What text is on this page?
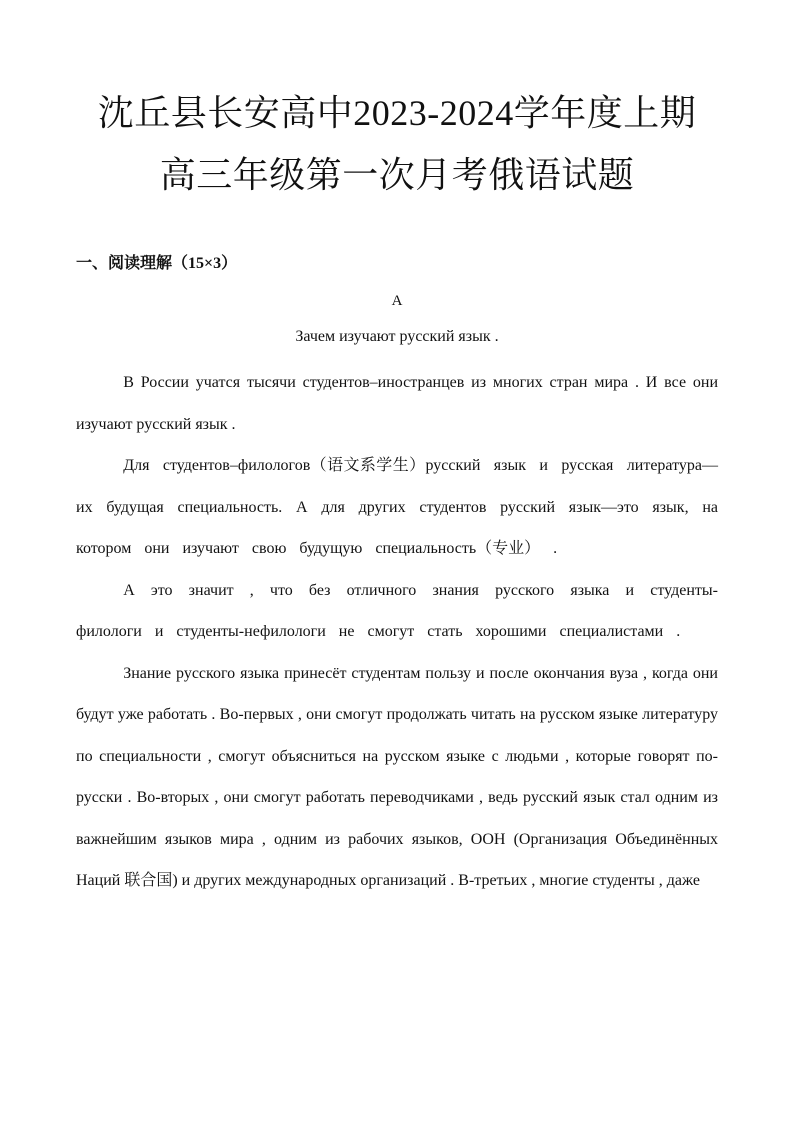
沈丘县长安高中2023-2024学年度上期
高三年级第一次月考俄语试题
一、阅读理解（15×3）
А
Зачем изучают русский язык .

В России учатся тысячи студентов–иностранцев из многих стран мира . И все они изучают русский язык .

Для студентов–филологов（语文系学生）русский язык и русская литература—их будущая специальность. А для других студентов русский язык—это язык, на котором они изучают свою будущую специальность（专业） .

А это значит , что без отличного знания русского языка и студенты-филологи и студенты-нефилологи не смогут стать хорошими специалистами .

Знание русского языка принесёт студентам пользу и после окончания вуза , когда они будут уже работать . Во-первых , они смогут продолжать читать на русском языке литературу по специальности , смогут объясниться на русском языке с людьми , которые говорят по-русски . Во-вторых , они смогут работать переводчиками , ведь русский язык стал одним из важнейшим языков мира , одним из рабочих языков, ООН (Организация Объединённых Наций 联合国) и других международных организаций . В-третьих , многие студенты , даже
